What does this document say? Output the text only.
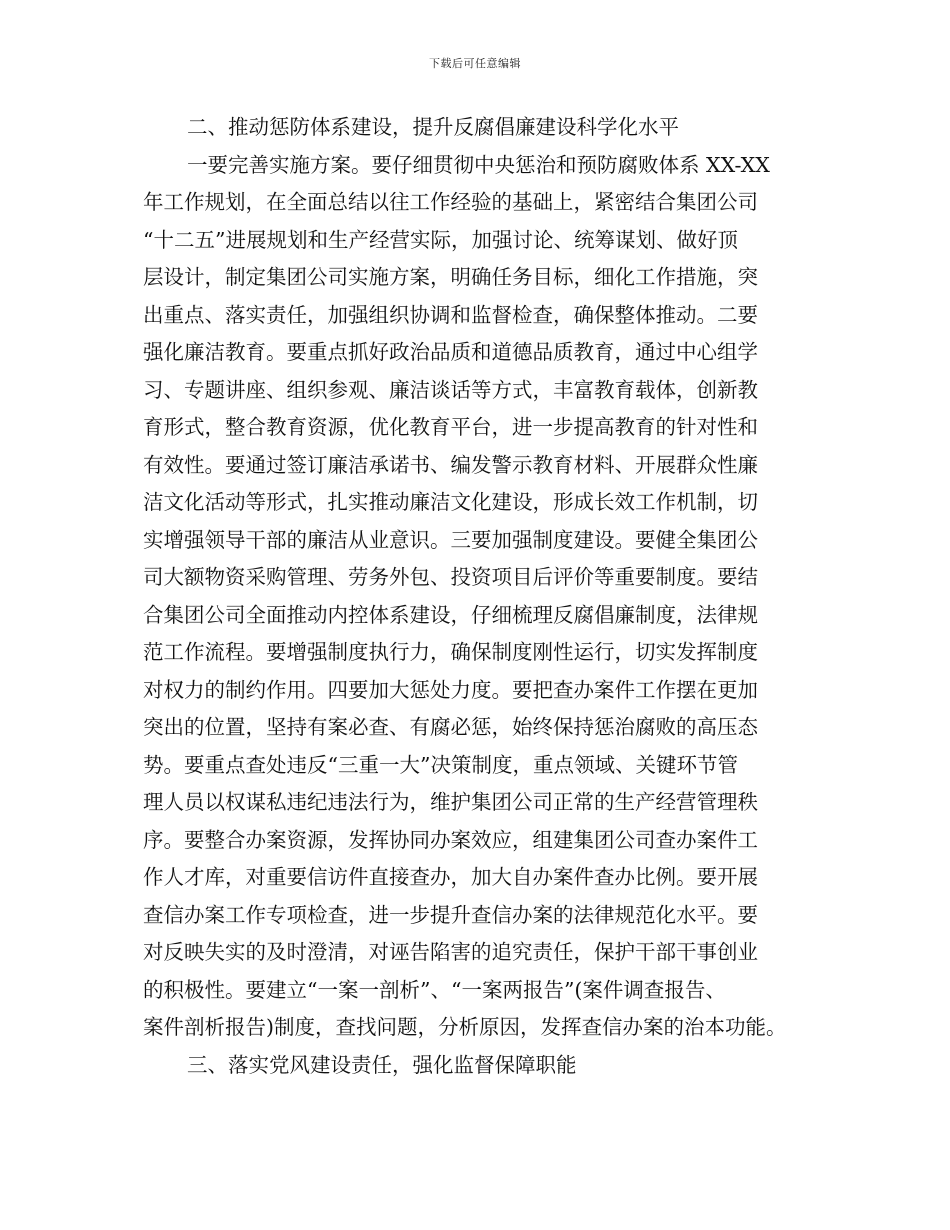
下载后可任意编辑
二、推动惩防体系建设，提升反腐倡廉建设科学化水平
一要完善实施方案。要仔细贯彻中央惩治和预防腐败体系 XX-XX
年工作规划，在全面总结以往工作经验的基础上，紧密结合集团公司
“十二五”进展规划和生产经营实际，加强讨论、统筹谋划、做好顶
层设计，制定集团公司实施方案，明确任务目标，细化工作措施，突
出重点、落实责任，加强组织协调和监督检查，确保整体推动。二要
强化廉洁教育。要重点抓好政治品质和道德品质教育，通过中心组学
习、专题讲座、组织参观、廉洁谈话等方式，丰富教育载体，创新教
育形式，整合教育资源，优化教育平台，进一步提高教育的针对性和
有效性。要通过签订廉洁承诺书、编发警示教育材料、开展群众性廉
洁文化活动等形式，扎实推动廉洁文化建设，形成长效工作机制，切
实增强领导干部的廉洁从业意识。三要加强制度建设。要健全集团公
司大额物资采购管理、劳务外包、投资项目后评价等重要制度。要结
合集团公司全面推动内控体系建设，仔细梳理反腐倡廉制度，法律规
范工作流程。要增强制度执行力，确保制度刚性运行，切实发挥制度
对权力的制约作用。四要加大惩处力度。要把查办案件工作摆在更加
突出的位置，坚持有案必查、有腐必惩，始终保持惩治腐败的高压态
势。要重点查处违反“三重一大”决策制度，重点领域、关键环节管
理人员以权谋私违纪违法行为，维护集团公司正常的生产经营管理秩
序。要整合办案资源，发挥协同办案效应，组建集团公司查办案件工
作人才库，对重要信访件直接查办，加大自办案件查办比例。要开展
查信办案工作专项检查，进一步提升查信办案的法律规范化水平。要
对反映失实的及时澄清，对诬告陷害的追究责任，保护干部干事创业
的积极性。要建立“一案一剖析”、“一案两报告”(案件调查报告、
案件剖析报告)制度，查找问题，分析原因，发挥查信办案的治本功能。
三、落实党风建设责任，强化监督保障职能
